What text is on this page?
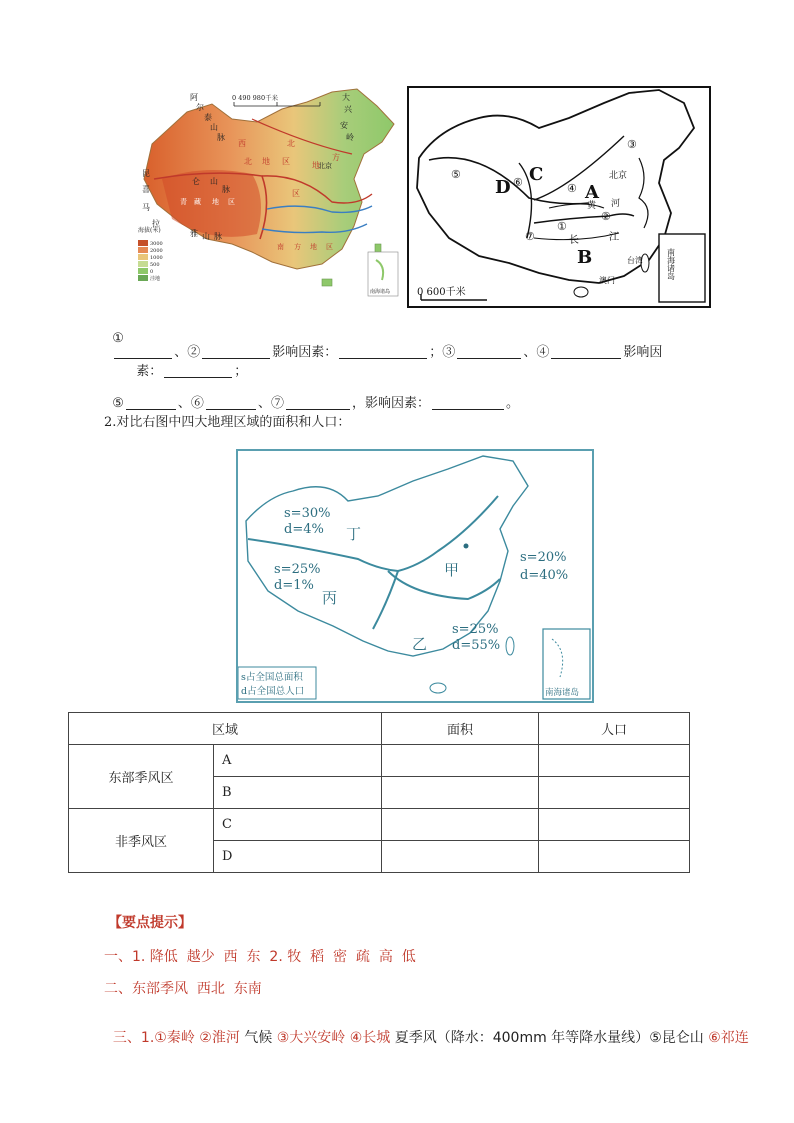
0 490 980千米
阿
尔
泰
山
脉
昆
仑 山
脉
喜
马
拉
雅 山 脉
青 藏 地 区
西
北 地 区
北
方
地
区
南 方 地 区
大
兴
安
岭
北京
海拔(米)
3000
2000
1000
500
0
洼地
南海诸岛
①
②
③
④
⑤
⑥
⑦
A
B
C
D
北京
黄 河
长	江
台湾	南海诸岛
澳门
0 600千米

①
、②	影响因素：	；③	、④	影响因

素：	；

⑤	、⑥	、⑦	，影响因素：	。

2.对比右图中四大地理区域的面积和人口：
s=30%
d=4% 丁
s=25%
d=1%
丙
甲
s=20%
d=40%
s=25%
d=55%
乙
s占全国总面积
d占全国总人口	南海诸岛
区域		面积	人口
东部季风区	A		
	B		
非季风区	C		
	D		
【要点提示】
一、1. 降低  越少  西  东  2. 牧  稻  密  疏  高  低
二、东部季风  西北  东南

三、1.①秦岭 ②淮河 气候 ③大兴安岭 ④长城 夏季风（降水：400mm 年等降水量线）⑤昆仑山 ⑥祁连
